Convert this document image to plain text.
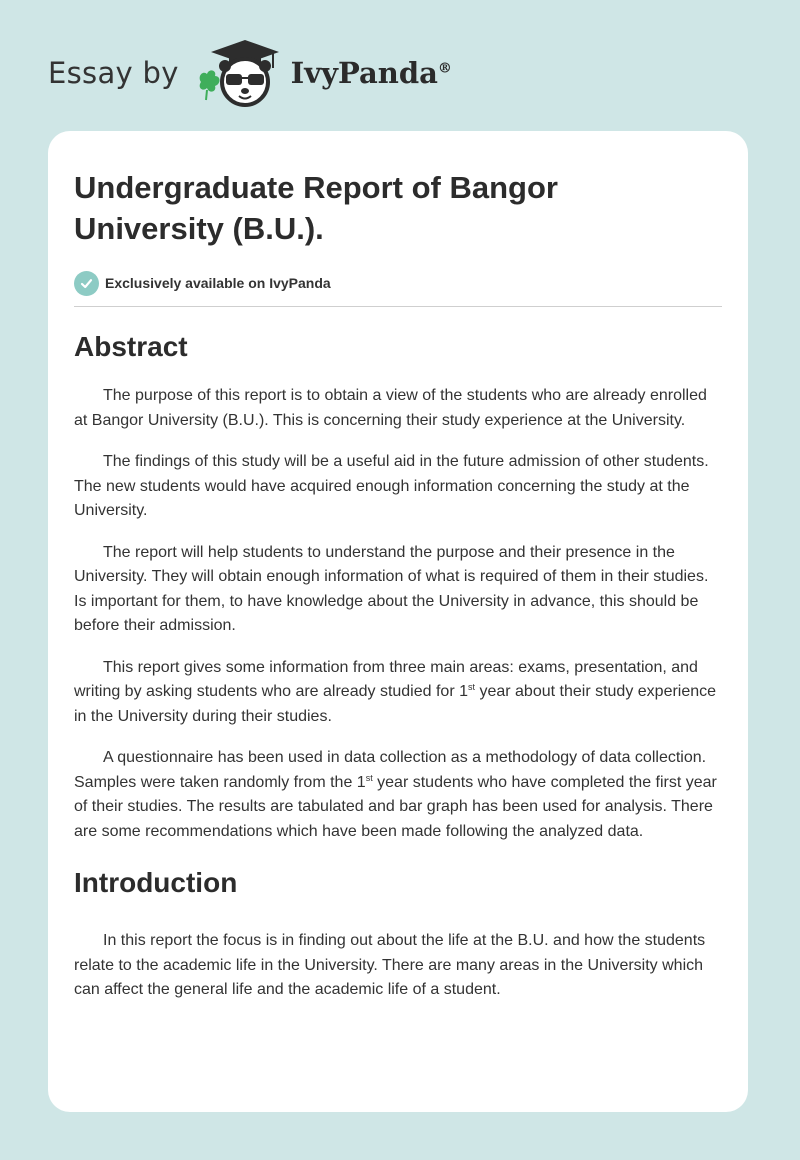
Essay by	IvyPanda®
Undergraduate Report of Bangor University (B.U.).
Exclusively available on IvyPanda
Abstract

The purpose of this report is to obtain a view of the students who are already enrolled at Bangor University (B.U.). This is concerning their study experience at the University.

The findings of this study will be a useful aid in the future admission of other students. The new students would have acquired enough information concerning the study at the University.

The report will help students to understand the purpose and their presence in the University. They will obtain enough information of what is required of them in their studies. Is important for them, to have knowledge about the University in advance, this should be before their admission.

This report gives some information from three main areas: exams, presentation, and writing by asking students who are already studied for 1st year about their study experience in the University during their studies.

A questionnaire has been used in data collection as a methodology of data collection. Samples were taken randomly from the 1st year students who have completed the first year of their studies. The results are tabulated and bar graph has been used for analysis. There are some recommendations which have been made following the analyzed data.

Introduction

In this report the focus is in finding out about the life at the B.U. and how the students relate to the academic life in the University. There are many areas in the University which can affect the general life and the academic life of a student.
